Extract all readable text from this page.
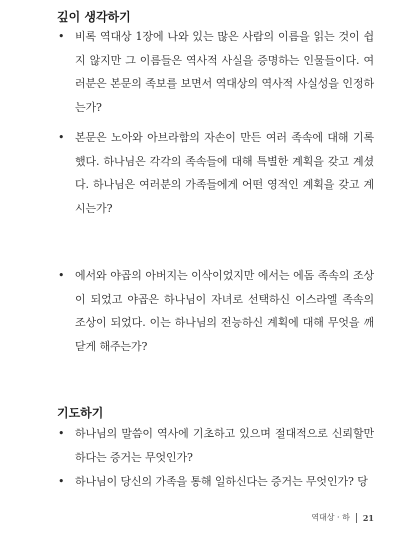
깊이 생각하기
• 비록 역대상 1장에 나와 있는 많은 사람의 이름을 읽는 것이 쉽지 않지만 그 이름들은 역사적 사실을 증명하는 인물들이다. 여러분은 본문의 족보를 보면서 역대상의 역사적 사실성을 인정하는가?
• 본문은 노아와 아브라함의 자손이 만든 여러 족속에 대해 기록했다. 하나님은 각각의 족속들에 대해 특별한 계획을 갖고 계셨다. 하나님은 여러분의 가족들에게 어떤 영적인 계획을 갖고 계시는가?
• 에서와 야곱의 아버지는 이삭이었지만 에서는 에돔 족속의 조상이 되었고 야곱은 하나님이 자녀로 선택하신 이스라엘 족속의 조상이 되었다. 이는 하나님의 전능하신 계획에 대해 무엇을 깨닫게 해주는가?
기도하기
• 하나님의 말씀이 역사에 기초하고 있으며 절대적으로 신뢰할만하다는 증거는 무엇인가?
• 하나님이 당신의 가족을 통해 일하신다는 증거는 무엇인가? 당
역대상 · 하 21
